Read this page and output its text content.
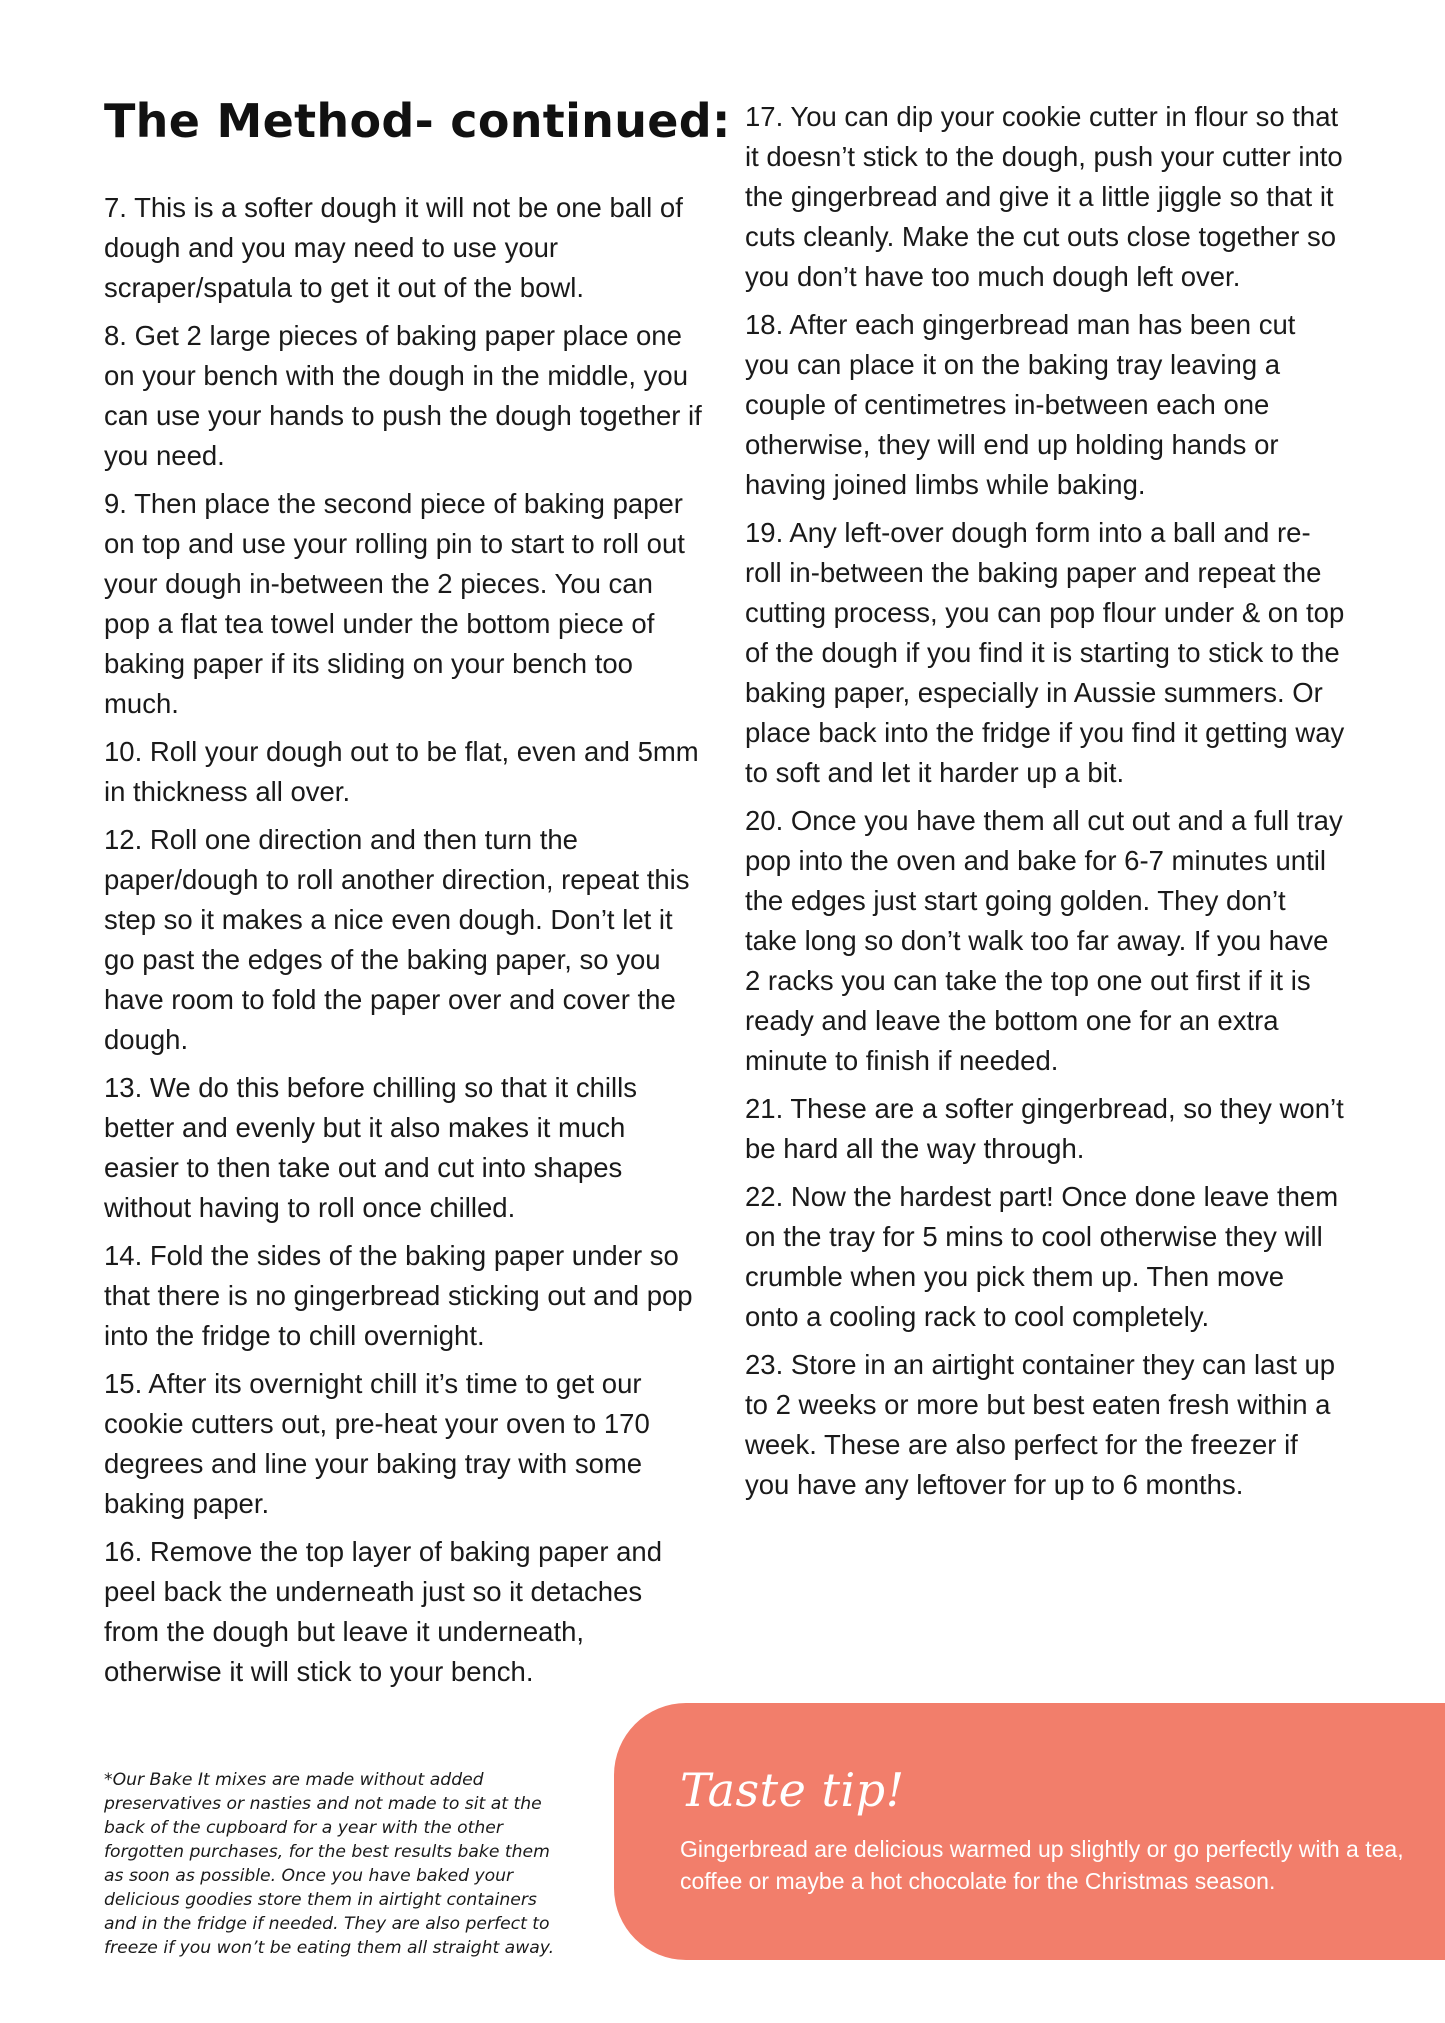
The Method- continued:

7. This is a softer dough it will not be one ball of dough and you may need to use your scraper/spatula to get it out of the bowl.

8. Get 2 large pieces of baking paper place one on your bench with the dough in the middle, you can use your hands to push the dough together if you need.

9. Then place the second piece of baking paper on top and use your rolling pin to start to roll out your dough in-between the 2 pieces. You can pop a flat tea towel under the bottom piece of baking paper if its sliding on your bench too much.

10. Roll your dough out to be flat, even and 5mm in thickness all over.

12. Roll one direction and then turn the paper/dough to roll another direction, repeat this step so it makes a nice even dough. Don’t let it go past the edges of the baking paper, so you have room to fold the paper over and cover the dough.

13. We do this before chilling so that it chills better and evenly but it also makes it much easier to then take out and cut into shapes without having to roll once chilled.

14. Fold the sides of the baking paper under so that there is no gingerbread sticking out and pop into the fridge to chill overnight.

15. After its overnight chill it’s time to get our cookie cutters out, pre-heat your oven to 170 degrees and line your baking tray with some baking paper.

16. Remove the top layer of baking paper and peel back the underneath just so it detaches from the dough but leave it underneath, otherwise it will stick to your bench.

17. You can dip your cookie cutter in flour so that it doesn’t stick to the dough, push your cutter into the gingerbread and give it a little jiggle so that it cuts cleanly. Make the cut outs close together so you don’t have too much dough left over.

18. After each gingerbread man has been cut you can place it on the baking tray leaving a couple of centimetres in-between each one otherwise, they will end up holding hands or having joined limbs while baking.

19. Any left-over dough form into a ball and re-roll in-between the baking paper and repeat the cutting process, you can pop flour under & on top of the dough if you find it is starting to stick to the baking paper, especially in Aussie summers. Or place back into the fridge if you find it getting way to soft and let it harder up a bit.

20. Once you have them all cut out and a full tray pop into the oven and bake for 6-7 minutes until the edges just start going golden. They don’t take long so don’t walk too far away. If you have 2 racks you can take the top one out first if it is ready and leave the bottom one for an extra minute to finish if needed.

21. These are a softer gingerbread, so they won’t be hard all the way through.

22. Now the hardest part! Once done leave them on the tray for 5 mins to cool otherwise they will crumble when you pick them up. Then move onto a cooling rack to cool completely.

23. Store in an airtight container they can last up to 2 weeks or more but best eaten fresh within a week. These are also perfect for the freezer if you have any leftover for up to 6 months.

*Our Bake It mixes are made without added preservatives or nasties and not made to sit at the back of the cupboard for a year with the other forgotten purchases, for the best results bake them as soon as possible. Once you have baked your delicious goodies store them in airtight containers and in the fridge if needed. They are also perfect to freeze if you won’t be eating them all straight away.
Taste tip!
Gingerbread are delicious warmed up slightly or go perfectly with a tea, coffee or maybe a hot chocolate for the Christmas season.
